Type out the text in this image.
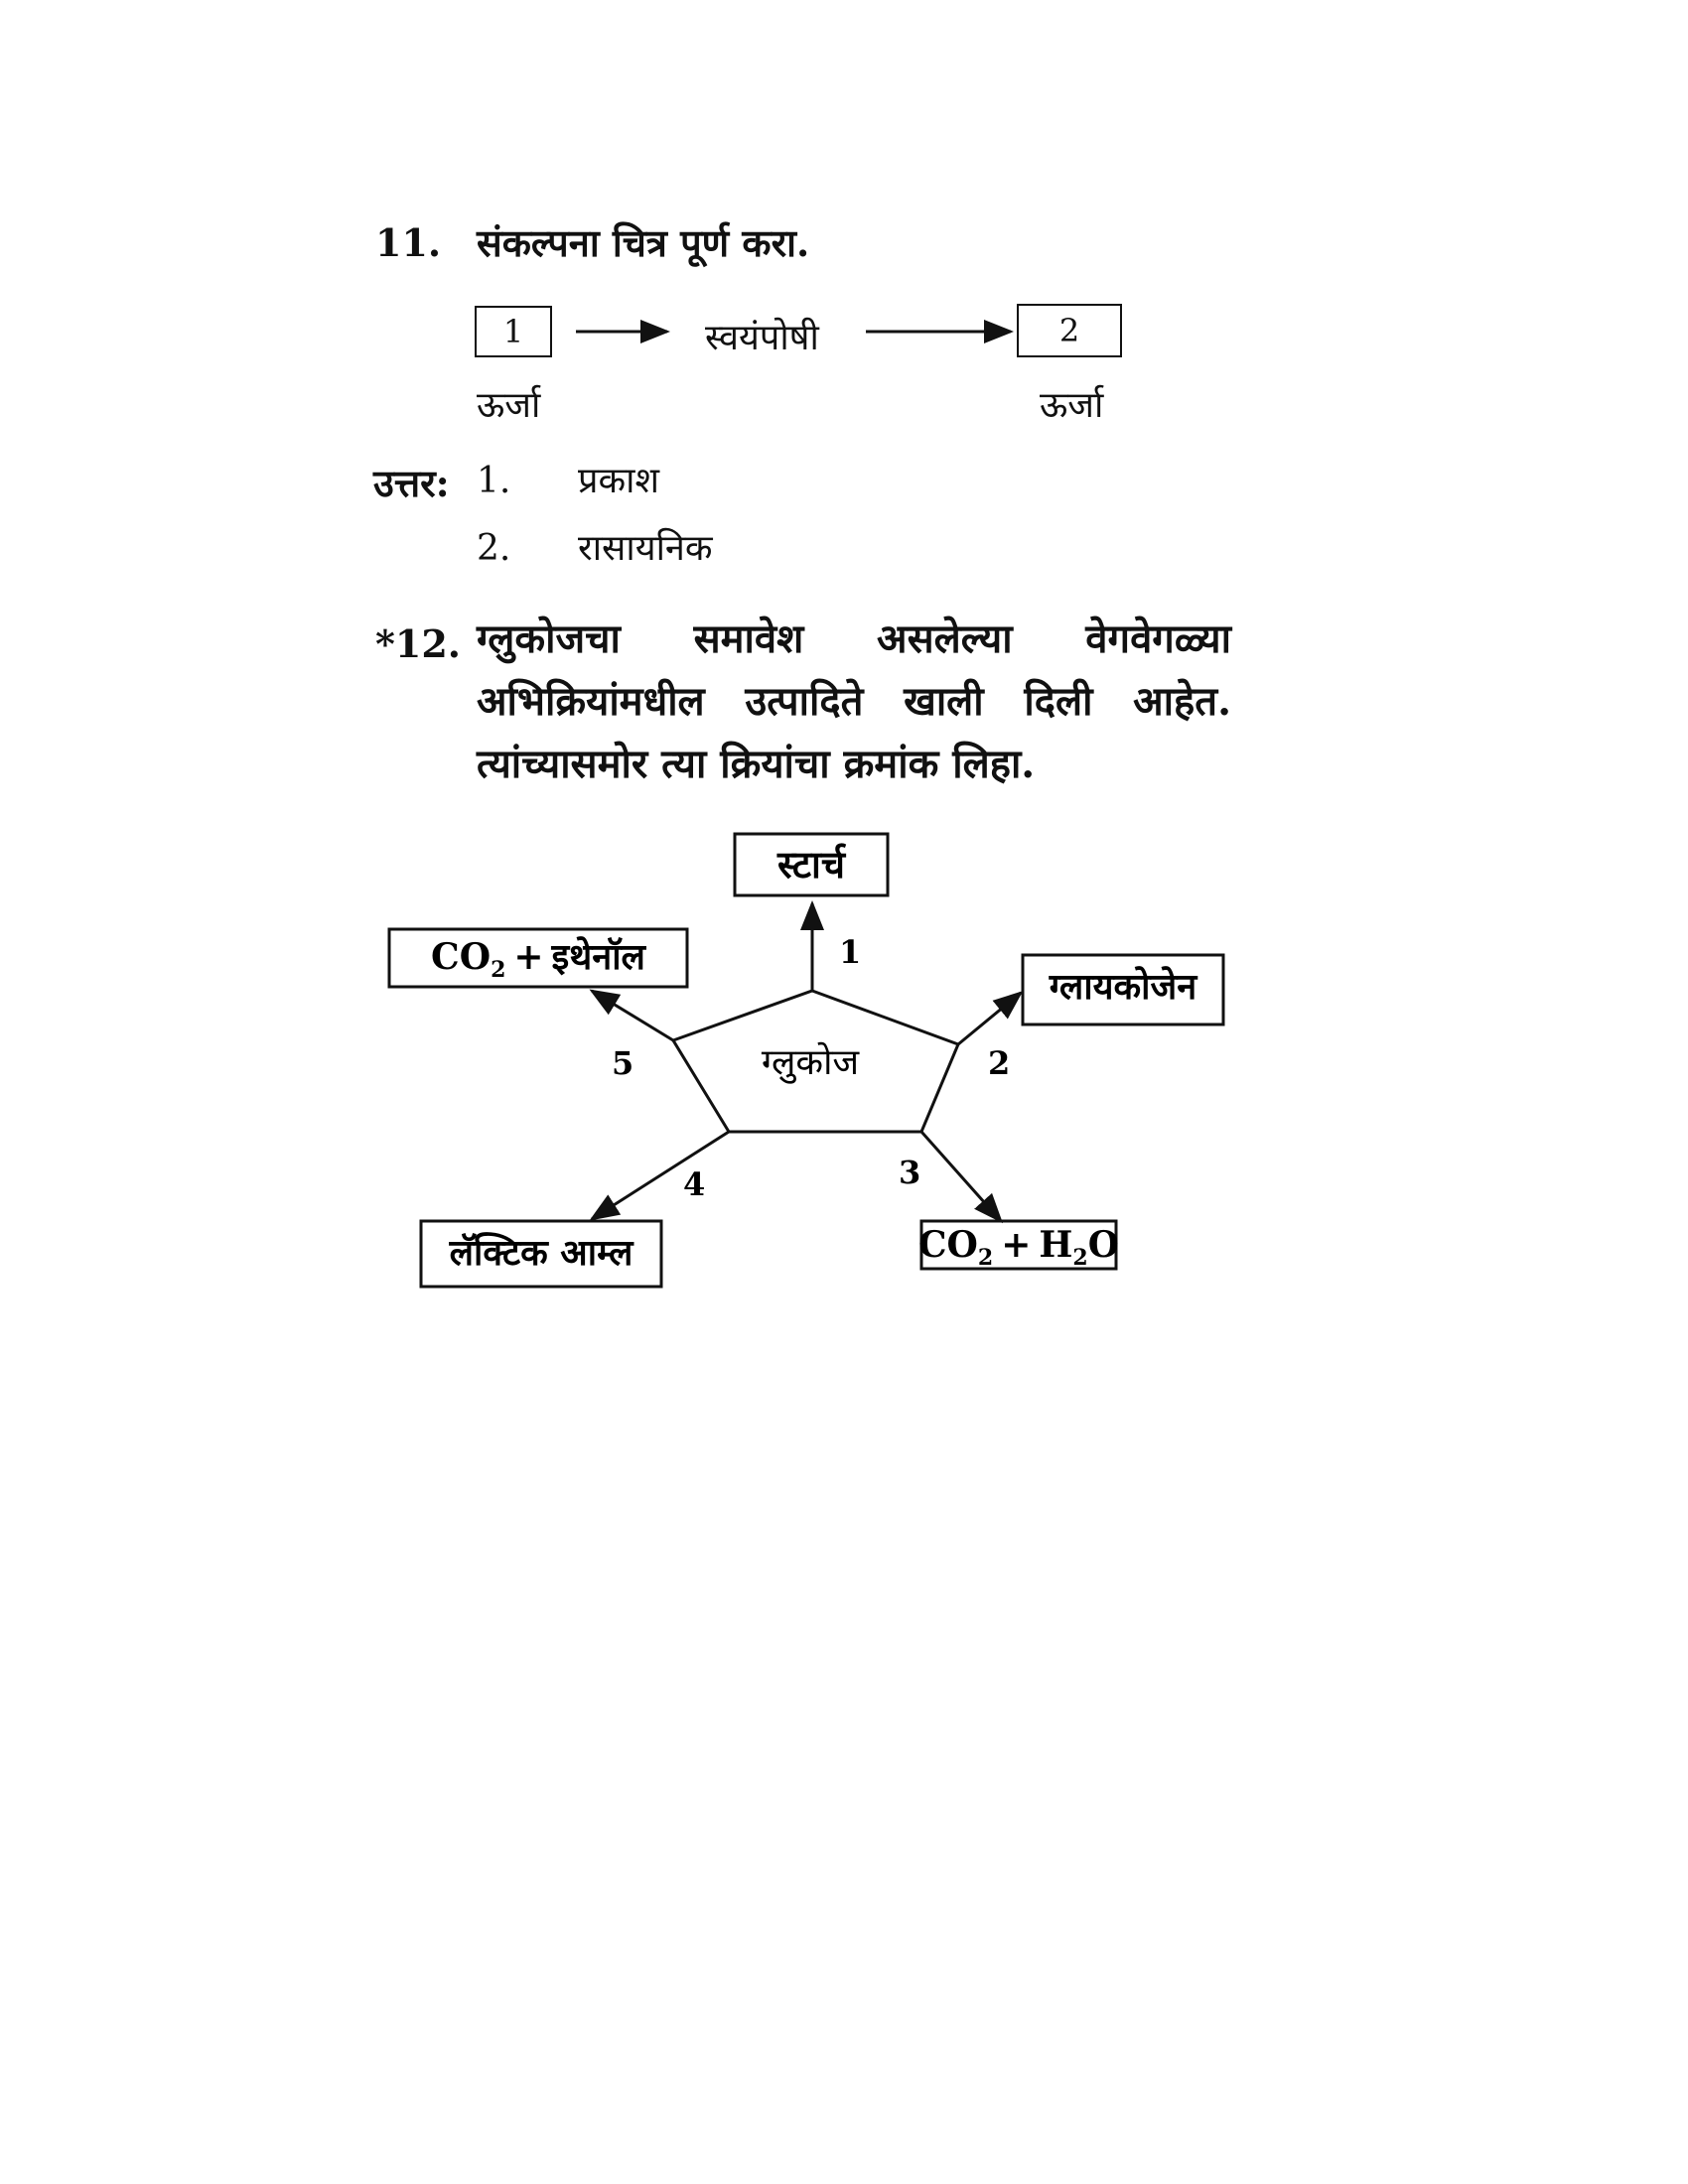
11. संकल्पना चित्र पूर्ण करा.
1	2
स्वयंपोषी
ऊर्जा	ऊर्जा
उत्तर: 1. प्रकाश
2. रासायनिक
*12. ग्लुकोजचा समावेश असलेल्या वेगवेगळ्या
अभिक्रियांमधील उत्पादिते खाली दिली आहेत.
त्यांच्यासमोर त्या क्रियांचा क्रमांक लिहा.
ग्लुकोज
स्टार्च
ग्लायकोजेन
लॅक्टिक आम्ल	$CO_2 + H_2O$
$CO_2$ + इथेनॉल	1
2
3
4
5
